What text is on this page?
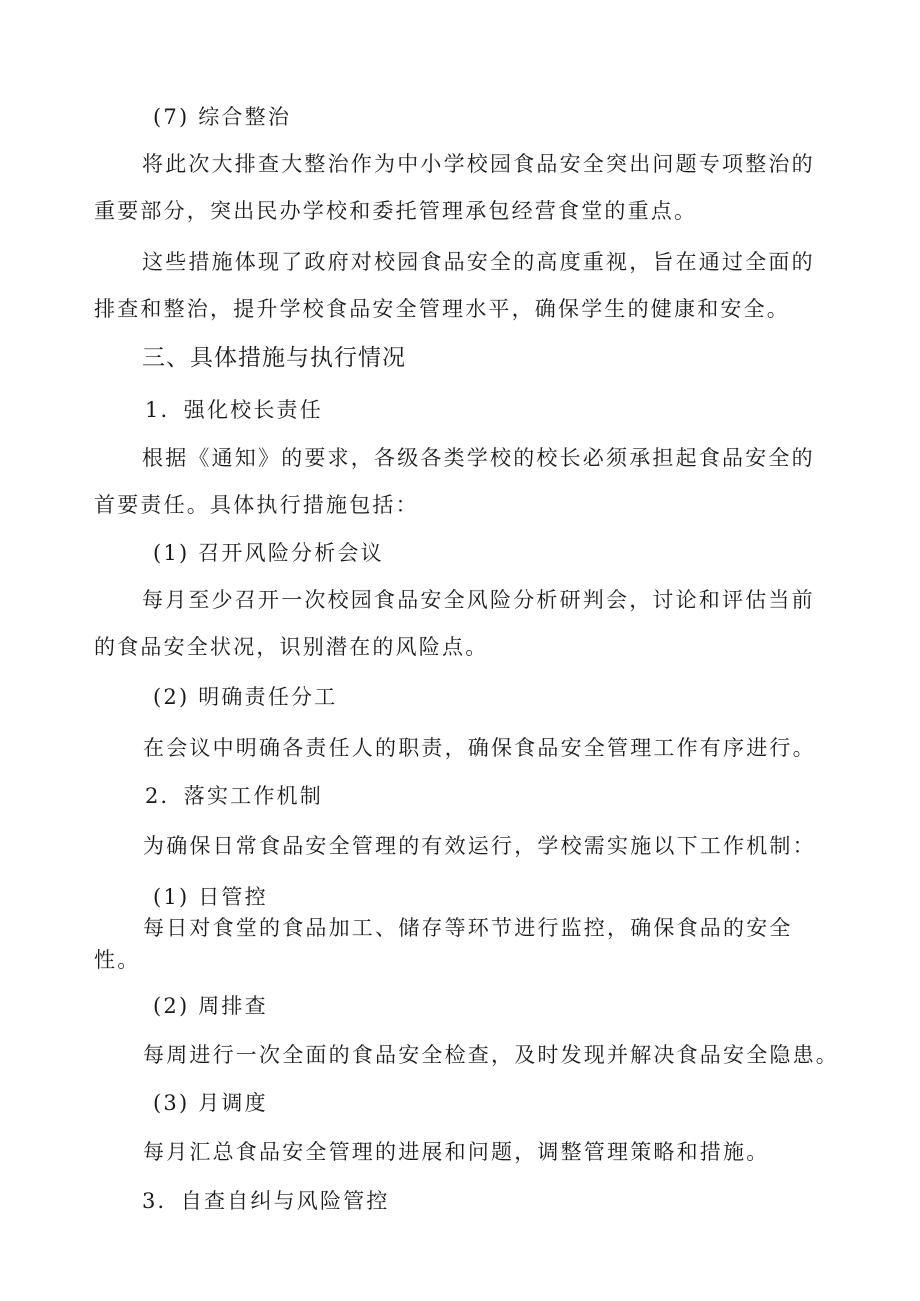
(7) 综合整治
将此次大排查大整治作为中小学校园食品安全突出问题专项整治的重要部分，突出民办学校和委托管理承包经营食堂的重点。
这些措施体现了政府对校园食品安全的高度重视，旨在通过全面的排查和整治，提升学校食品安全管理水平，确保学生的健康和安全。
三、具体措施与执行情况
1．强化校长责任
根据《通知》的要求，各级各类学校的校长必须承担起食品安全的首要责任。具体执行措施包括：
(1) 召开风险分析会议
每月至少召开一次校园食品安全风险分析研判会，讨论和评估当前的食品安全状况，识别潜在的风险点。
(2) 明确责任分工
在会议中明确各责任人的职责，确保食品安全管理工作有序进行。
2．落实工作机制
为确保日常食品安全管理的有效运行，学校需实施以下工作机制：
(1) 日管控
每日对食堂的食品加工、储存等环节进行监控，确保食品的安全
性。
(2) 周排查
每周进行一次全面的食品安全检查，及时发现并解决食品安全隐患。
(3) 月调度
每月汇总食品安全管理的进展和问题，调整管理策略和措施。
3．自查自纠与风险管控
